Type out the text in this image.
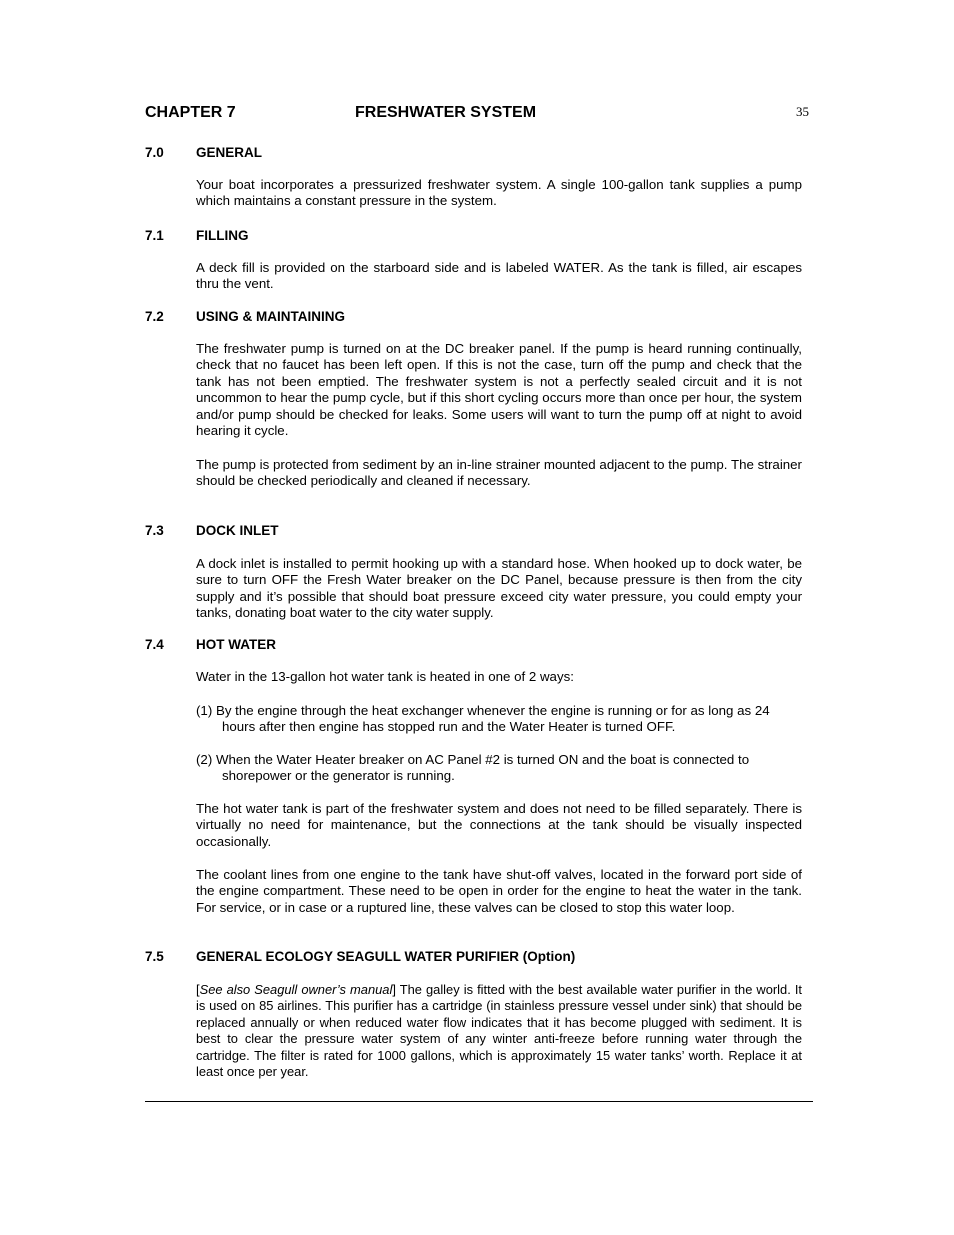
CHAPTER 7	FRESHWATER SYSTEM	35
7.0 GENERAL

Your boat incorporates a pressurized freshwater system. A single 100-gallon tank supplies a pump which maintains a constant pressure in the system.

7.1 FILLING

A deck fill is provided on the starboard side and is labeled WATER. As the tank is filled, air escapes thru the vent.

7.2 USING & MAINTAINING

The freshwater pump is turned on at the DC breaker panel. If the pump is heard running continually, check that no faucet has been left open. If this is not the case, turn off the pump and check that the tank has not been emptied. The freshwater system is not a perfectly sealed circuit and it is not uncommon to hear the pump cycle, but if this short cycling occurs more than once per hour, the system and/or pump should be checked for leaks. Some users will want to turn the pump off at night to avoid hearing it cycle.

The pump is protected from sediment by an in-line strainer mounted adjacent to the pump. The strainer should be checked periodically and cleaned if necessary.

7.3 DOCK INLET

A dock inlet is installed to permit hooking up with a standard hose. When hooked up to dock water, be sure to turn OFF the Fresh Water breaker on the DC Panel, because pressure is then from the city supply and it’s possible that should boat pressure exceed city water pressure, you could empty your tanks, donating boat water to the city water supply.

7.4 HOT WATER

Water in the 13-gallon hot water tank is heated in one of 2 ways:

(1) By the engine through the heat exchanger whenever the engine is running or for as long as 24 hours after then engine has stopped run and the Water Heater is turned OFF.

(2) When the Water Heater breaker on AC Panel #2 is turned ON and the boat is connected to shorepower or the generator is running.

The hot water tank is part of the freshwater system and does not need to be filled separately. There is virtually no need for maintenance, but the connections at the tank should be visually inspected occasionally.

The coolant lines from one engine to the tank have shut-off valves, located in the forward port side of the engine compartment. These need to be open in order for the engine to heat the water in the tank. For service, or in case or a ruptured line, these valves can be closed to stop this water loop.

7.5 GENERAL ECOLOGY SEAGULL WATER PURIFIER (Option)

[See also Seagull owner’s manual] The galley is fitted with the best available water purifier in the world. It is used on 85 airlines. This purifier has a cartridge (in stainless pressure vessel under sink) that should be replaced annually or when reduced water flow indicates that it has become plugged with sediment. It is best to clear the pressure water system of any winter anti-freeze before running water through the cartridge. The filter is rated for 1000 gallons, which is approximately 15 water tanks’ worth. Replace it at least once per year.
